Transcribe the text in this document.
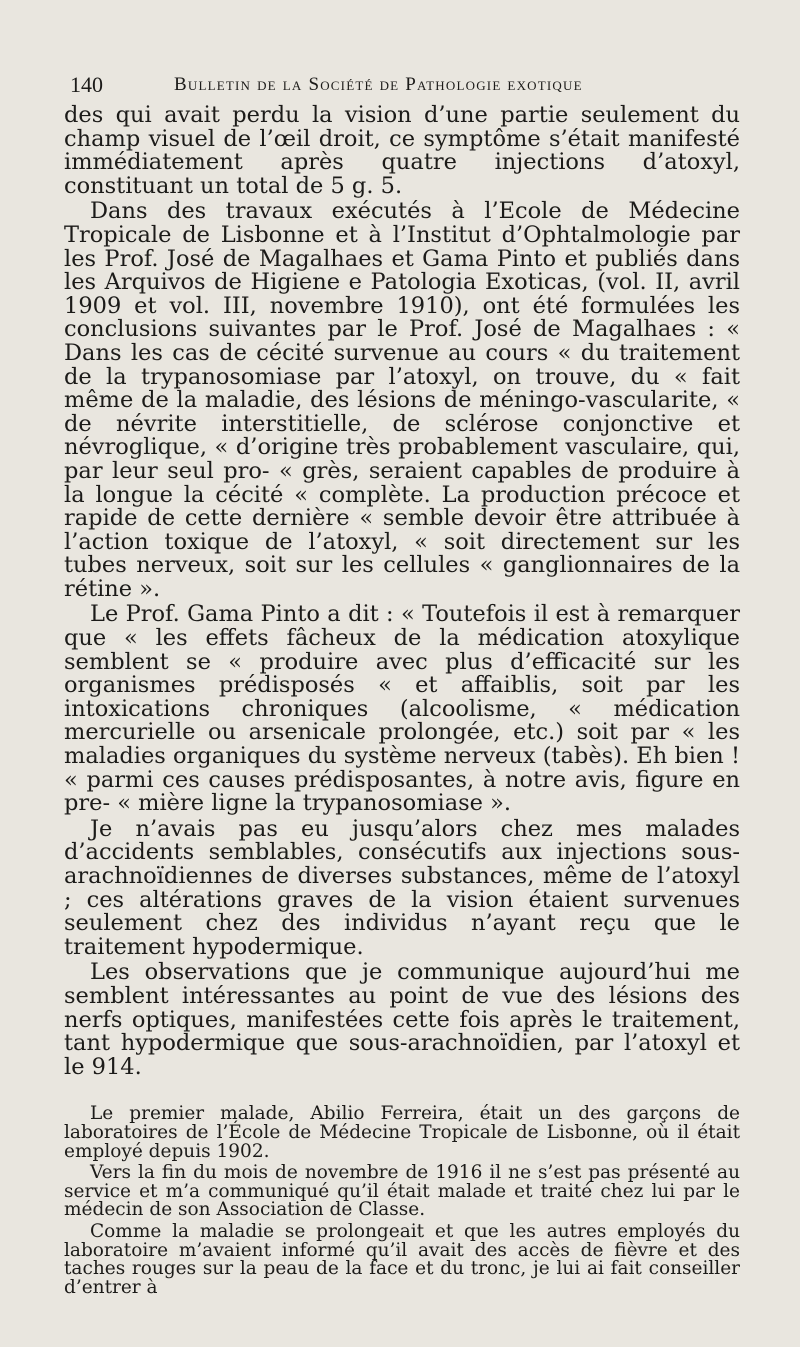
140	Bulletin de la Société de Pathologie exotique

des qui avait perdu la vision d’une partie seulement du champ visuel de l’œil droit, ce symptôme s’était manifesté immédiatement après quatre injections d’atoxyl, constituant un total de 5 g. 5.

Dans des travaux exécutés à l’Ecole de Médecine Tropicale de Lisbonne et à l’Institut d’Ophtalmologie par les Prof. José de Magalhaes et Gama Pinto et publiés dans les Arquivos de Higiene e Patologia Exoticas, (vol. II, avril 1909 et vol. III, novembre 1910), ont été formulées les conclusions suivantes par le Prof. José de Magalhaes : « Dans les cas de cécité survenue au cours « du traitement de la trypanosomiase par l’atoxyl, on trouve, du « fait même de la maladie, des lésions de méningo-vascularite, « de névrite interstitielle, de sclérose conjonctive et névroglique, « d’origine très probablement vasculaire, qui, par leur seul pro- « grès, seraient capables de produire à la longue la cécité « complète. La production précoce et rapide de cette dernière « semble devoir être attribuée à l’action toxique de l’atoxyl, « soit directement sur les tubes nerveux, soit sur les cellules « ganglionnaires de la rétine ».

Le Prof. Gama Pinto a dit : « Toutefois il est à remarquer que « les effets fâcheux de la médication atoxylique semblent se « produire avec plus d’efficacité sur les organismes prédisposés « et affaiblis, soit par les intoxications chroniques (alcoolisme, « médication mercurielle ou arsenicale prolongée, etc.) soit par « les maladies organiques du système nerveux (tabès). Eh bien ! « parmi ces causes prédisposantes, à notre avis, figure en pre- « mière ligne la trypanosomiase ».

Je n’avais pas eu jusqu’alors chez mes malades d’accidents semblables, consécutifs aux injections sous-arachnoïdiennes de diverses substances, même de l’atoxyl ; ces altérations graves de la vision étaient survenues seulement chez des individus n’ayant reçu que le traitement hypodermique.

Les observations que je communique aujourd’hui me semblent intéressantes au point de vue des lésions des nerfs optiques, manifestées cette fois après le traitement, tant hypodermique que sous-arachnoïdien, par l’atoxyl et le 914.

Le premier malade, Abilio Ferreira, était un des garçons de laboratoires de l’École de Médecine Tropicale de Lisbonne, où il était employé depuis 1902.

Vers la fin du mois de novembre de 1916 il ne s’est pas présenté au service et m’a communiqué qu’il était malade et traité chez lui par le médecin de son Association de Classe.

Comme la maladie se prolongeait et que les autres employés du laboratoire m’avaient informé qu’il avait des accès de fièvre et des taches rouges sur la peau de la face et du tronc, je lui ai fait conseiller d’entrer à
